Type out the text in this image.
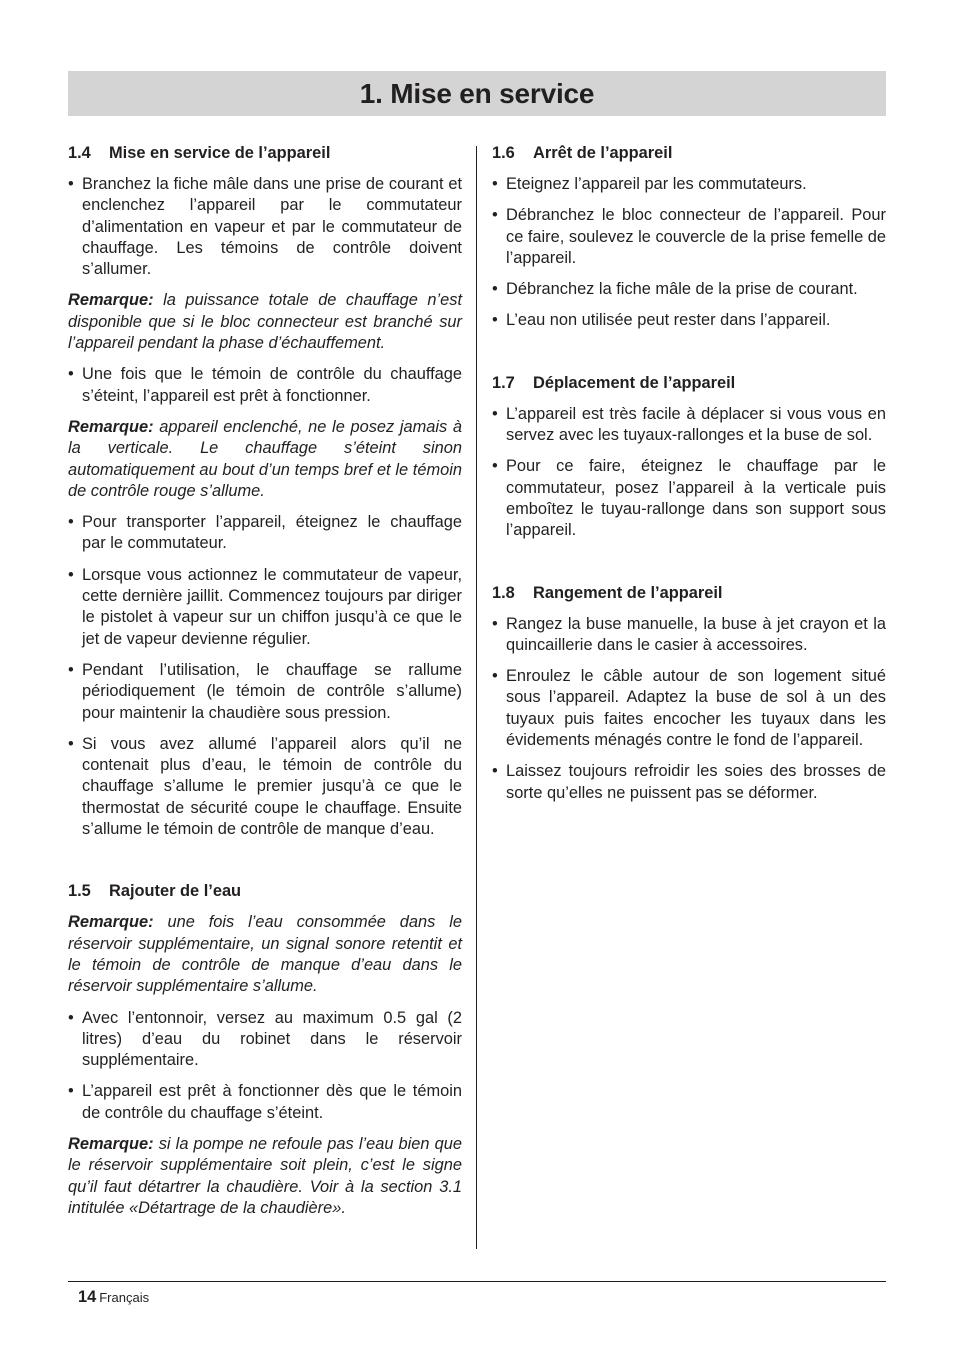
1. Mise en service
1.4 Mise en service de l’appareil
• Branchez la fiche mâle dans une prise de courant et enclenchez l’appareil par le commutateur d’alimentation en vapeur et par le commutateur de chauffage. Les témoins de contrôle doivent s’allumer.

Remarque: la puissance totale de chauffage n’est disponible que si le bloc connecteur est branché sur l’appareil pendant la phase d’échauffement.

• Une fois que le témoin de contrôle du chauffage s’éteint, l’appareil est prêt à fonctionner.

Remarque: appareil enclenché, ne le posez jamais à la verticale. Le chauffage s’éteint sinon automatiquement au bout d’un temps bref et le témoin de contrôle rouge s’allume.

• Pour transporter l’appareil, éteignez le chauffage par le commutateur.
• Lorsque vous actionnez le commutateur de vapeur, cette dernière jaillit. Commencez toujours par diriger le pistolet à vapeur sur un chiffon jusqu’à ce que le jet de vapeur devienne régulier.
• Pendant l’utilisation, le chauffage se rallume périodiquement (le témoin de contrôle s’allume) pour maintenir la chaudière sous pression.
• Si vous avez allumé l’appareil alors qu’il ne contenait plus d’eau, le témoin de contrôle du chauffage s’allume le premier jusqu’à ce que le thermostat de sécurité coupe le chauffage. Ensuite s’allume le témoin de contrôle de manque d’eau.
1.5 Rajouter de l’eau

Remarque: une fois l’eau consommée dans le réservoir supplémentaire, un signal sonore retentit et le témoin de contrôle de manque d’eau dans le réservoir supplémentaire s’allume.

• Avec l’entonnoir, versez au maximum 0.5 gal (2 litres) d’eau du robinet dans le réservoir supplémentaire.
• L’appareil est prêt à fonctionner dès que le témoin de contrôle du chauffage s’éteint.

Remarque: si la pompe ne refoule pas l’eau bien que le réservoir supplémentaire soit plein, c’est le signe qu’il faut détartrer la chaudière. Voir à la section 3.1 intitulée «Détartrage de la chaudière».

1.6 Arrêt de l’appareil
• Eteignez l’appareil par les commutateurs.
• Débranchez le bloc connecteur de l’appareil. Pour ce faire, soulevez le couvercle de la prise femelle de l’appareil.
• Débranchez la fiche mâle de la prise de courant.
• L’eau non utilisée peut rester dans l’appareil.
1.7 Déplacement de l’appareil
• L’appareil est très facile à déplacer si vous vous en servez avec les tuyaux-rallonges et la buse de sol.
• Pour ce faire, éteignez le chauffage par le commutateur, posez l’appareil à la verticale puis emboîtez le tuyau-rallonge dans son support sous l’appareil.
1.8 Rangement de l’appareil
• Rangez la buse manuelle, la buse à jet crayon et la quincaillerie dans le casier à accessoires.
• Enroulez le câble autour de son logement situé sous l’appareil. Adaptez la buse de sol à un des tuyaux puis faites encocher les tuyaux dans les évidements ménagés contre le fond de l’appareil.
• Laissez toujours refroidir les soies des brosses de sorte qu’elles ne puissent pas se déformer.
14 Français
